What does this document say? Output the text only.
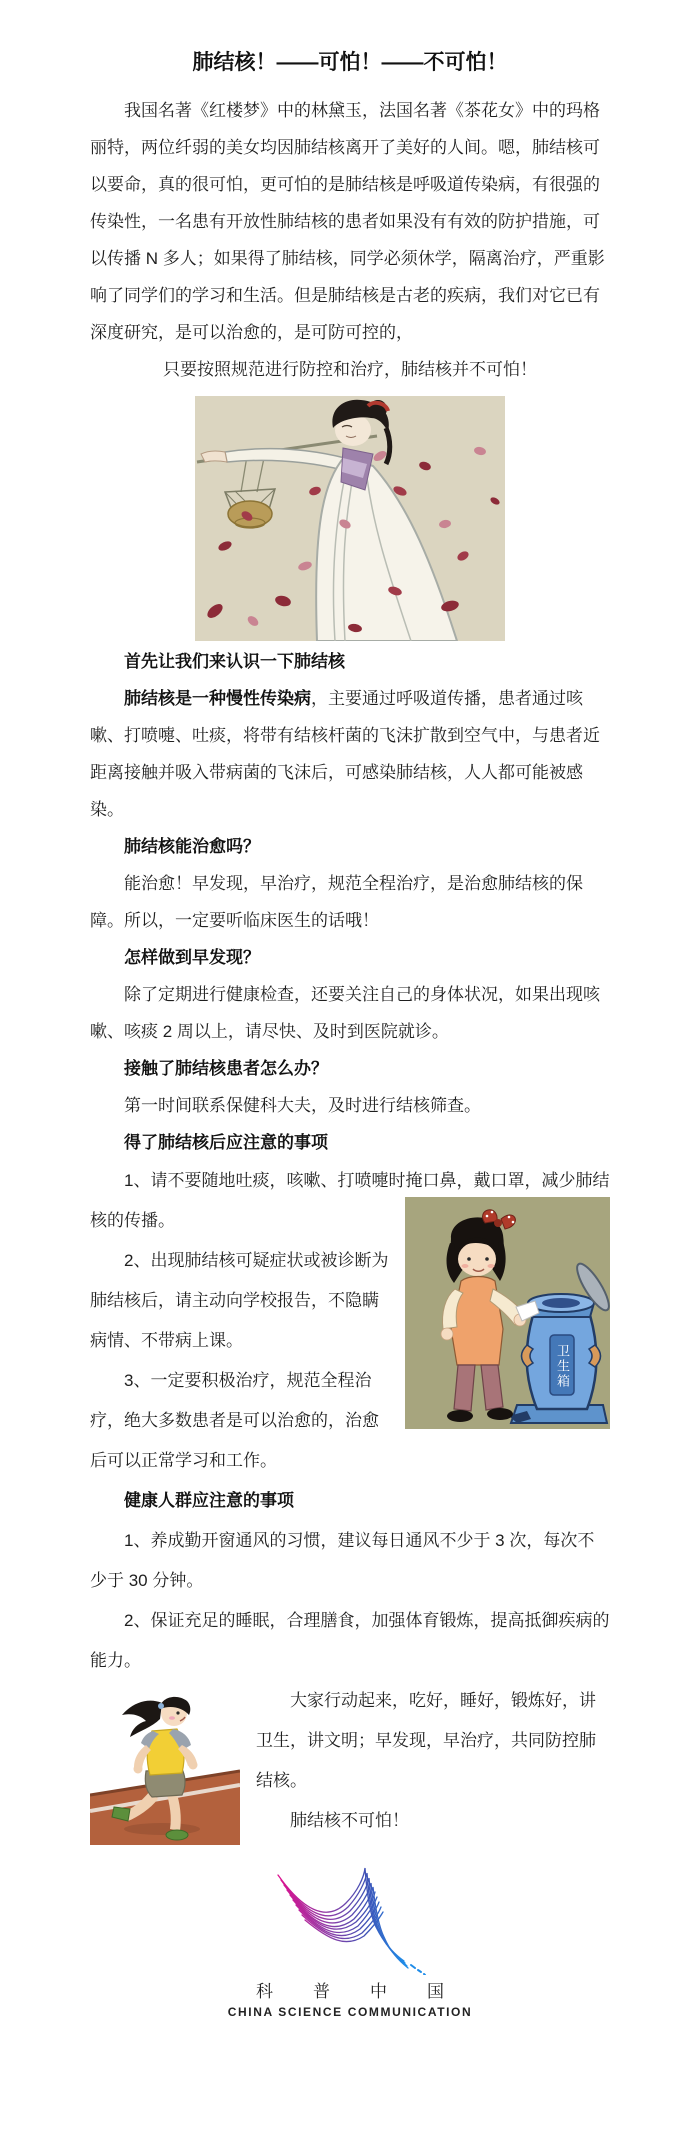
肺结核！——可怕！——不可怕！

我国名著《红楼梦》中的林黛玉，法国名著《茶花女》中的玛格丽特，两位纤弱的美女均因肺结核离开了美好的人间。嗯，肺结核可以要命，真的很可怕，更可怕的是肺结核是呼吸道传染病，有很强的传染性，一名患有开放性肺结核的患者如果没有有效的防护措施，可以传播 N 多人；如果得了肺结核，同学必须休学，隔离治疗，严重影响了同学们的学习和生活。但是肺结核是古老的疾病，我们对它已有深度研究，是可以治愈的，是可防可控的，

只要按照规范进行防控和治疗，肺结核并不可怕！

首先让我们来认识一下肺结核

肺结核是一种慢性传染病，主要通过呼吸道传播，患者通过咳嗽、打喷嚏、吐痰，将带有结核杆菌的飞沫扩散到空气中，与患者近距离接触并吸入带病菌的飞沫后，可感染肺结核，人人都可能被感染。

肺结核能治愈吗？

能治愈！早发现，早治疗，规范全程治疗，是治愈肺结核的保障。所以，一定要听临床医生的话哦！

怎样做到早发现？

除了定期进行健康检查，还要关注自己的身体状况，如果出现咳嗽、咳痰 2 周以上，请尽快、及时到医院就诊。

接触了肺结核患者怎么办？

第一时间联系保健科大夫，及时进行结核筛查。

得了肺结核后应注意的事项

1、请不要随地吐痰，咳嗽、打喷嚏时掩口鼻，戴口罩，减少肺结核的传播。

卫生箱

2、出现肺结核可疑症状或被诊断为肺结核后，请主动向学校报告，不隐瞒病情、不带病上课。

3、一定要积极治疗，规范全程治疗，绝大多数患者是可以治愈的，治愈后可以正常学习和工作。

健康人群应注意的事项

1、养成勤开窗通风的习惯，建议每日通风不少于 3 次，每次不少于 30 分钟。

2、保证充足的睡眠，合理膳食，加强体育锻炼，提高抵御疾病的能力。

大家行动起来，吃好，睡好，锻炼好，讲卫生，讲文明；早发现，早治疗，共同防控肺结核。

肺结核不可怕！

科普中国
CHINA SCIENCE COMMUNICATION
